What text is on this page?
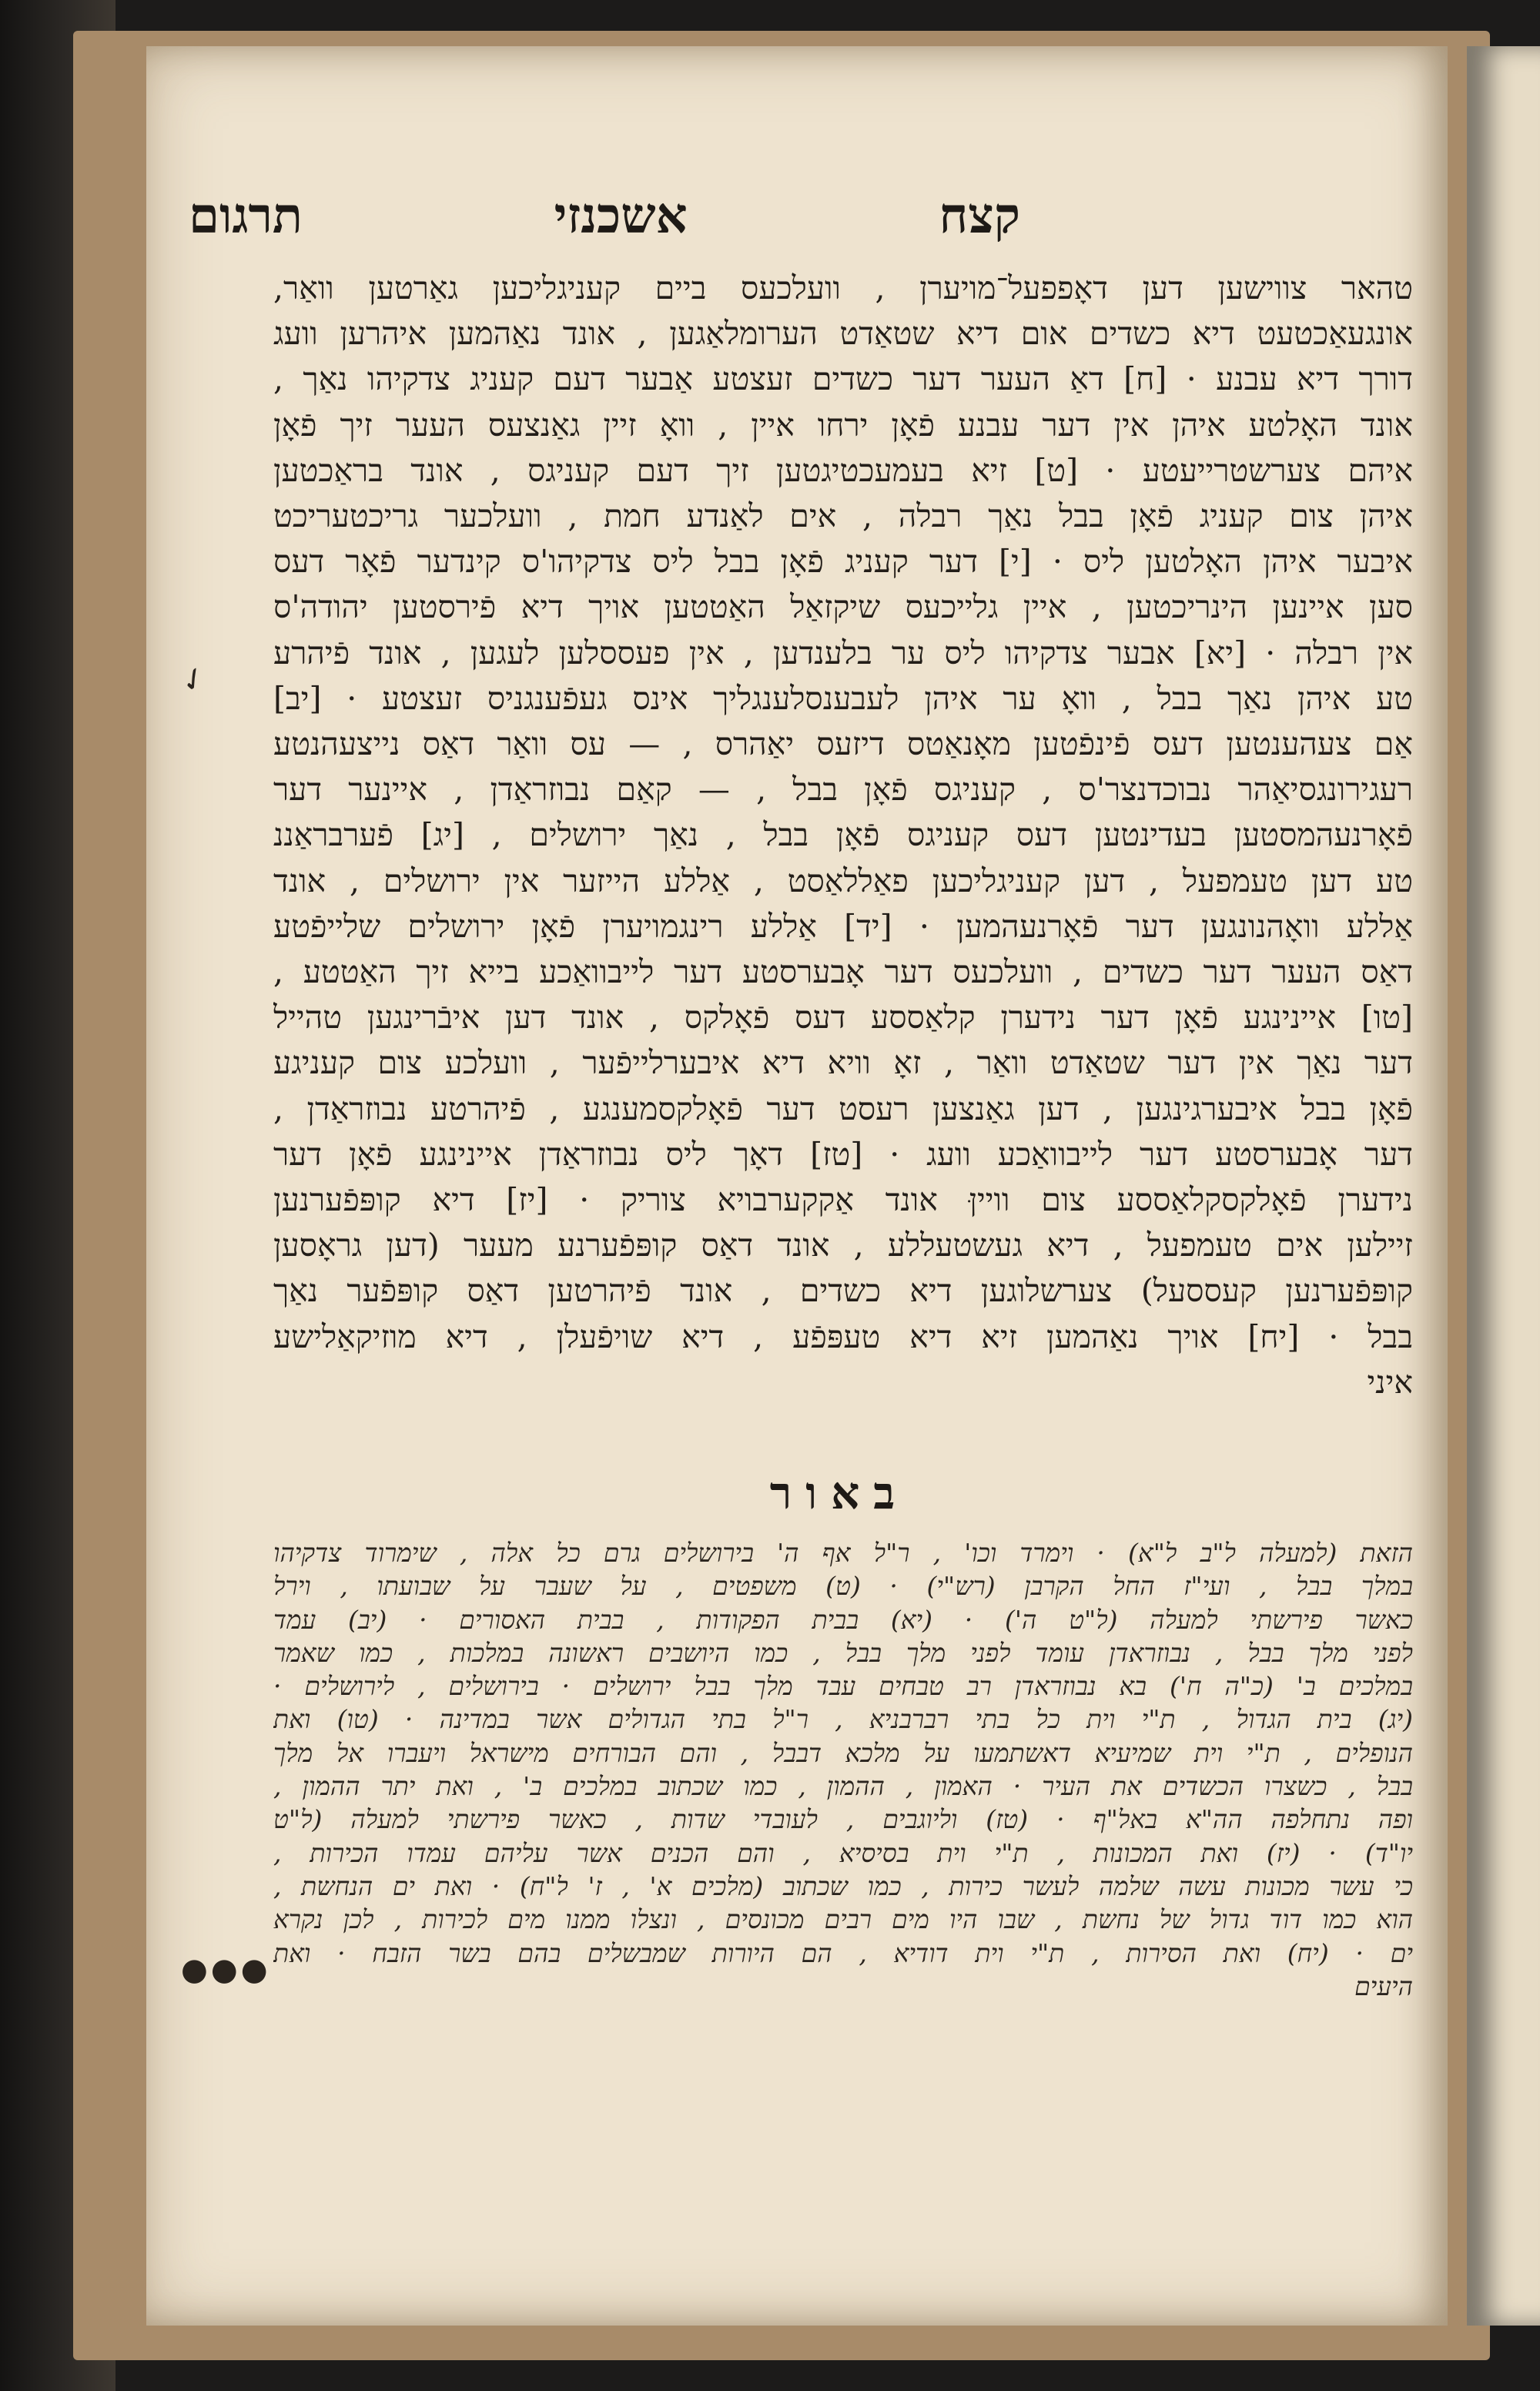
תרגום	אשכנזי	קצח
טהאר צווישען דען דאָפפעל־מויערן , וועלכעס ביים קעניגליכען גאַרטען וואַר,
אונגעאַכטעט דיא כשדים אום דיא שטאַדט הערומלאַגען , אונד נאַהמען איהרען וועג
דורך דיא עבנע · [ח] דאַ העער דער כשדים זעצטע אַבער דעם קעניג צדקיהו נאַך ,
אונד האָלטע איהן אין דער עבנע פֿאָן ירחו איין , וואָ זיין גאַנצעס העער זיך פֿאָן
איהם צערשטרייעטע · [ט] זיא בעמעכטיגטען זיך דעם קעניגס , אונד בראַכטען
איהן צום קעניג פֿאָן בבל נאַך רבלה , אים לאַנדע חמת , וועלכער גריכטעריכט
איבער איהן האָלטען ליס · [י] דער קעניג פֿאָן בבל ליס צדקיהו'ס קינדער פֿאָר דעס
סען איינען הינריכטען , איין גלייכעס שיקזאַל האַטטען אויך דיא פֿירסטען יהודה'ס
אין רבלה · [יא] אבער צדקיהו ליס ער בלענדען , אין פעססלען לעגען , אונד פֿיהרע
טע איהן נאַך בבל , וואָ ער איהן לעבענסלענגליך אינס געפֿענגניס זעצטע · [יב]
אַם צעהענטען דעס פֿינפֿטען מאָנאַטס דיזעס יאַהרס , — עס וואַר דאַס נייצעהנטע
רעגירונגסיאַהר נבוכדנצר'ס , קעניגס פֿאָן בבל , — קאַם נבוזראַדן , איינער דער
פֿאָרנעהמסטען בעדינטען דעס קעניגס פֿאָן בבל , נאַך ירושלים , [יג] פֿערבראַננ
טע דען טעמפעל , דען קעניגליכען פאַללאַסט , אַללע הייזער אין ירושלים , אונד
אַללע וואָהנונגען דער פֿאָרנעהמען · [יד] אַללע רינגמויערן פֿאָן ירושלים שלייפֿטע
דאַס העער דער כשדים , וועלכעס דער אָבערסטע דער לייבוואַכע בייא זיך האַטטע ,
[טו] איינינגע פֿאָן דער נידערן קלאַססע דעס פֿאָלקס , אונד דען איבֿרינגען טהייל
דער נאַך אין דער שטאַדט וואַר , זאָ וויא דיא איבערלייפֿער , וועלכע צום קעניגע
פֿאָן בבל איבערגינגען , דען גאַנצען רעסט דער פֿאָלקסמענגע , פֿיהרטע נבוזראַדן ,
דער אָבערסטע דער לייבוואַכע וועג · [טז] דאָך ליס נבוזראַדן איינינגע פֿאָן דער
נידערן פֿאָלקסקלאַססע צום ווייןּ אונד אַקקערבויא צוריק · [יז] דיא קופּפֿערנען
זיילען אים טעמפעל , דיא געשטעללע , אונד דאַס קופּפֿערנע מעער (דען גראָסען
קופּפֿערנען קעססעל) צערשלוגען דיא כשדים , אונד פֿיהרטען דאַס קופּפֿער נאַך
בבל · [יח] אויך נאַהמען זיא דיא טעפּפֿע , דיא שויפֿעלן , דיא מוזיקאַלישע
איני
באור
הזאת (למעלה ל"ב ל"א) · וימרד וכו' , ר"ל אף ה' בירושלים גרם כל אלה , שימרוד צדקיהו
במלך בבל , ועי"ז החל הקרבן (רש"י) · (ט) משפטים , על שעבר על שבועתו , וירל
כאשר פירשתי למעלה (ל"ט ה') · (יא) בבית הפקודות , בבית האסורים · (יב) עמד
לפני מלך בבל , נבוזראדן עומד לפני מלך בבל , כמו היושבים ראשונה במלכות , כמו שאמר
במלכים ב' (כ"ה ח') בא נבוזראדן רב טבחים עבד מלך בבל ירושלים · בירושלים , לירושלים ·
(יג) בית הגדול , ת"י וית כל בתי רברבניא , ר"ל בתי הגדולים אשר במדינה · (טו) ואת
הנופלים , ת"י וית שמיעיא דאשתמעו על מלכא דבבל , והם הבורחים מישראל ויעברו אל מלך
בבל , כשצרו הכשדים את העיר · האמון , ההמון , כמו שכתוב במלכים ב' , ואת יתר ההמון ,
ופה נתחלפה הה"א באל"ף · (טז) וליוגבים , לעובדי שדות , כאשר פירשתי למעלה (ל"ט
יו"ד) · (יז) ואת המכונות , ת"י וית בסיסיא , והם הכנים אשר עליהם עמדו הכירות ,
כי עשר מכונות עשה שלמה לעשר כירות , כמו שכתוב (מלכים א' , ז' ל"ח) · ואת ים הנחשת ,
הוא כמו דוד גדול של נחשת , שבו היו מים רבים מכונסים , ונצלו ממנו מים לכירות , לכן נקרא
ים · (יח) ואת הסירות , ת"י וית דודיא , הם היורות שמבשלים בהם בשר הזבח · ואת
היעים
✓
●●●
